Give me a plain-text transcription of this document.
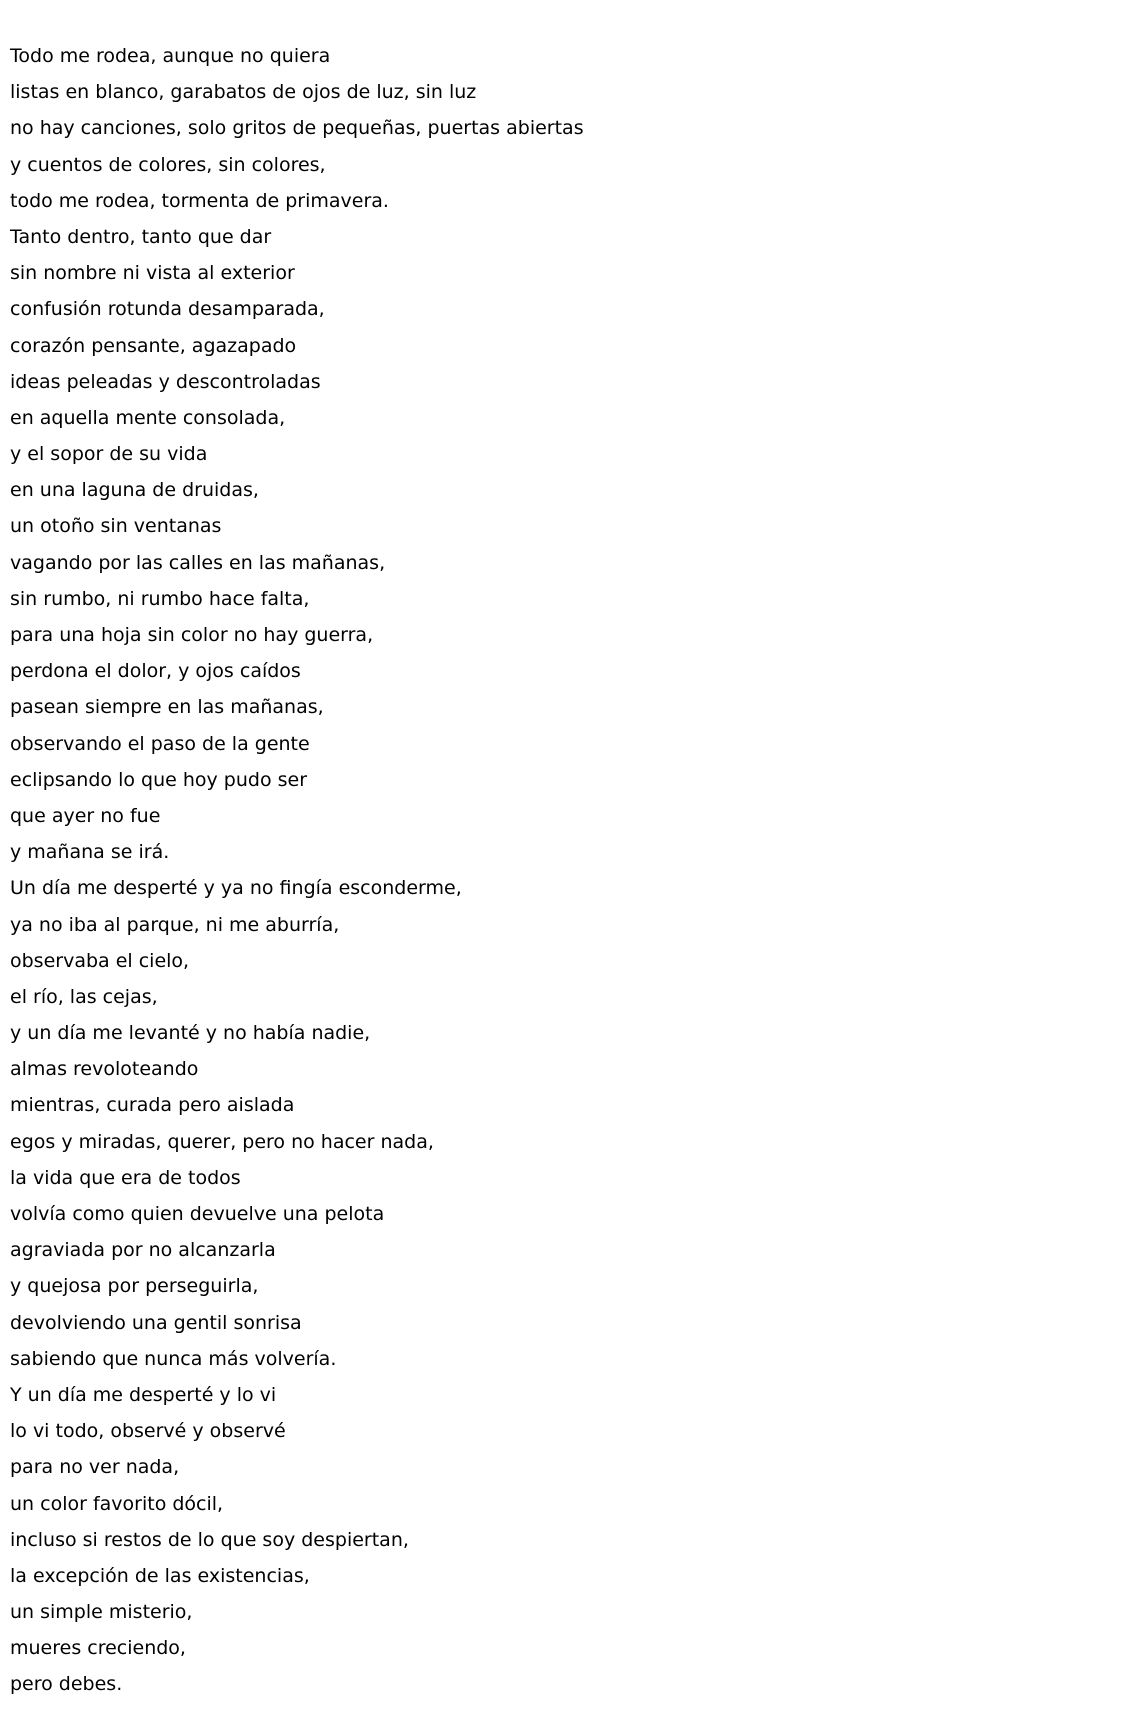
Todo me rodea, aunque no quiera
listas en blanco, garabatos de ojos de luz, sin luz
no hay canciones, solo gritos de pequeñas, puertas abiertas
y cuentos de colores, sin colores,
todo me rodea, tormenta de primavera.
Tanto dentro, tanto que dar
sin nombre ni vista al exterior
confusión rotunda desamparada,
corazón pensante, agazapado
ideas peleadas y descontroladas
en aquella mente consolada,
y el sopor de su vida
en una laguna de druidas,
un otoño sin ventanas
vagando por las calles en las mañanas,
sin rumbo, ni rumbo hace falta,
para una hoja sin color no hay guerra,
perdona el dolor, y ojos caídos
pasean siempre en las mañanas,
observando el paso de la gente
eclipsando lo que hoy pudo ser
que ayer no fue
y mañana se irá.
Un día me desperté y ya no fingía esconderme,
ya no iba al parque, ni me aburría,
observaba el cielo,
el río, las cejas,
y un día me levanté y no había nadie,
almas revoloteando
mientras, curada pero aislada
egos y miradas, querer, pero no hacer nada,
la vida que era de todos
volvía como quien devuelve una pelota
agraviada por no alcanzarla
y quejosa por perseguirla,
devolviendo una gentil sonrisa
sabiendo que nunca más volvería.
Y un día me desperté y lo vi
lo vi todo, observé y observé
para no ver nada,
un color favorito dócil,
incluso si restos de lo que soy despiertan,
la excepción de las existencias,
un simple misterio,
mueres creciendo,
pero debes.
